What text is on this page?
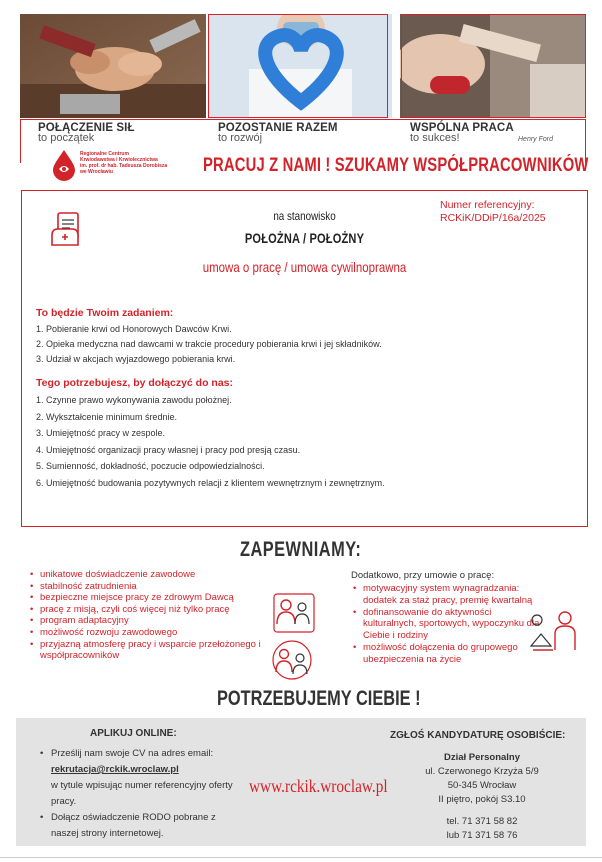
POŁĄCZENIE SIŁ
to początek
POZOSTANIE RAZEM
to rozwój
WSPÓLNA PRACA
to sukces!	Henry Ford
Regionalne Centrum
Krwiodawstwa i Krwiolecznictwa
im. prof. dr hab. Tadeusza Dorobisza
we Wrocławiu	PRACUJ Z NAMI ! SZUKAMY WSPÓŁPRACOWNIKÓW
Numer referencyjny:
RCKiK/DDiP/16a/2025
na stanowisko
POŁOŻNA / POŁOŻNY
umowa o pracę / umowa cywilnoprawna
To będzie Twoim zadaniem:
1. Pobieranie krwi od Honorowych Dawców Krwi.
2. Opieka medyczna nad dawcami w trakcie procedury pobierania krwi i jej składników.
3. Udział w akcjach wyjazdowego pobierania krwi.
Tego potrzebujesz, by dołączyć do nas:
1. Czynne prawo wykonywania zawodu położnej.
2. Wykształcenie minimum średnie.
3. Umiejętność pracy w zespole.
4. Umiejętność organizacji pracy własnej i pracy pod presją czasu.
5. Sumienność, dokładność, poczucie odpowiedzialności.
6. Umiejętność budowania pozytywnych relacji z klientem wewnętrznym i zewnętrznym.
ZAPEWNIAMY:
• unikatowe doświadczenie zawodowe
• stabilność zatrudnienia
• bezpieczne miejsce pracy ze zdrowym Dawcą
• pracę z misją, czyli coś więcej niż tylko pracę
• program adaptacyjny
• możliwość rozwoju zawodowego
• przyjazną atmosferę pracy i wsparcie przełożonego i współpracowników
Dodatkowo, przy umowie o pracę:
• motywacyjny system wynagradzania: dodatek za staż pracy, premię kwartalną
• dofinansowanie do aktywności kulturalnych, sportowych, wypoczynku dla Ciebie i rodziny
• możliwość dołączenia do grupowego ubezpieczenia na życie
POTRZEBUJEMY CIEBIE !
APLIKUJ ONLINE:
• Prześlij nam swoje CV na adres email:
rekrutacja@rckik.wroclaw.pl
w tytule wpisując numer referencyjny oferty pracy.
• Dołącz oświadczenie RODO pobrane z naszej strony internetowej.
www.rckik.wroclaw.pl
ZGŁOŚ KANDYDATURĘ OSOBIŚCIE:
Dział Personalny
ul. Czerwonego Krzyża 5/9
50-345 Wrocław
II piętro, pokój S3.10
tel. 71 371 58 82
lub 71 371 58 76
